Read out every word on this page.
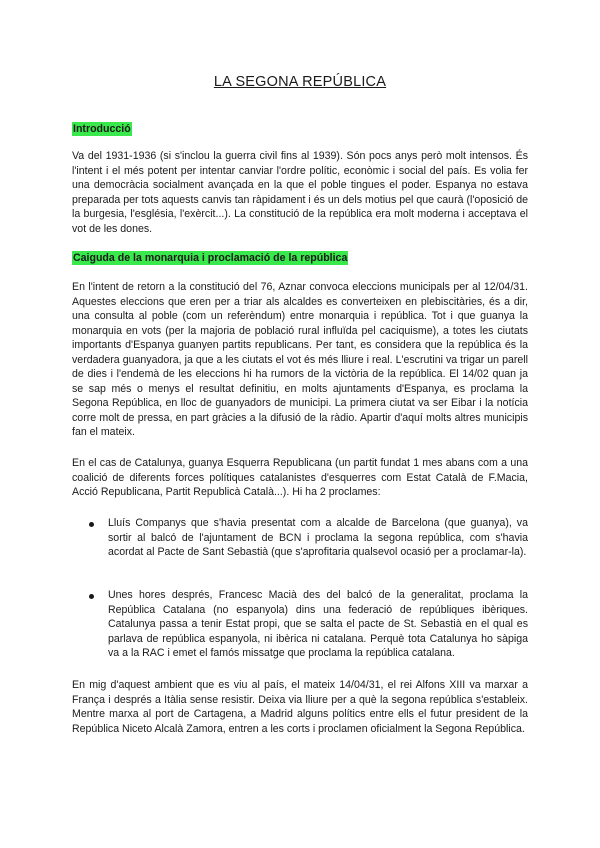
LA SEGONA REPÚBLICA
Introducció

Va del 1931-1936 (si s'inclou la guerra civil fins al 1939). Són pocs anys però molt intensos. És l'intent i el més potent per intentar canviar l'ordre polític, econòmic i social del país. Es volia fer una democràcia socialment avançada en la que el poble tingues el poder. Espanya no estava preparada per tots aquests canvis tan ràpidament i és un dels motius pel que caurà (l'oposició de la burgesia, l'església, l'exèrcit...). La constitució de la república era molt moderna i acceptava el vot de les dones.

Caiguda de la monarquia i proclamació de la república

En l'intent de retorn a la constitució del 76, Aznar convoca eleccions municipals per al 12/04/31. Aquestes eleccions que eren per a triar als alcaldes es converteixen en plebiscitàries, és a dir, una consulta al poble (com un referèndum) entre monarquia i república. Tot i que guanya la monarquia en vots (per la majoria de població rural influïda pel caciquisme), a totes les ciutats importants d'Espanya guanyen partits republicans. Per tant, es considera que la república és la verdadera guanyadora, ja que a les ciutats el vot és més lliure i real. L'escrutini va trigar un parell de dies i l'endemà de les eleccions hi ha rumors de la victòria de la república. El 14/02 quan ja se sap més o menys el resultat definitiu, en molts ajuntaments d'Espanya, es proclama la Segona República, en lloc de guanyadors de municipi. La primera ciutat va ser Eibar i la notícia corre molt de pressa, en part gràcies a la difusió de la ràdio. Apartir d'aquí molts altres municipis fan el mateix.

En el cas de Catalunya, guanya Esquerra Republicana (un partit fundat 1 mes abans com a una coalició de diferents forces polítiques catalanistes d'esquerres com Estat Català de F.Macia, Acció Republicana, Partit Republicà Català...). Hi ha 2 proclames:

Lluís Companys que s'havia presentat com a alcalde de Barcelona (que guanya), va sortir al balcó de l'ajuntament de BCN i proclama la segona república, com s'havia acordat al Pacte de Sant Sebastià (que s'aprofitaria qualsevol ocasió per a proclamar-la).

Unes hores després, Francesc Macià des del balcó de la generalitat, proclama la República Catalana (no espanyola) dins una federació de repúbliques ibèriques. Catalunya passa a tenir Estat propi, que se salta el pacte de St. Sebastià en el qual es parlava de república espanyola, ni ibèrica ni catalana. Perquè tota Catalunya ho sàpiga va a la RAC i emet el famós missatge que proclama la república catalana.

En mig d'aquest ambient que es viu al país, el mateix 14/04/31, el rei Alfons XIII va marxar a França i després a Itàlia sense resistir. Deixa via lliure per a què la segona república s'estableix. Mentre marxa al port de Cartagena, a Madrid alguns polítics entre ells el futur president de la República Niceto Alcalà Zamora, entren a les corts i proclamen oficialment la Segona República.
